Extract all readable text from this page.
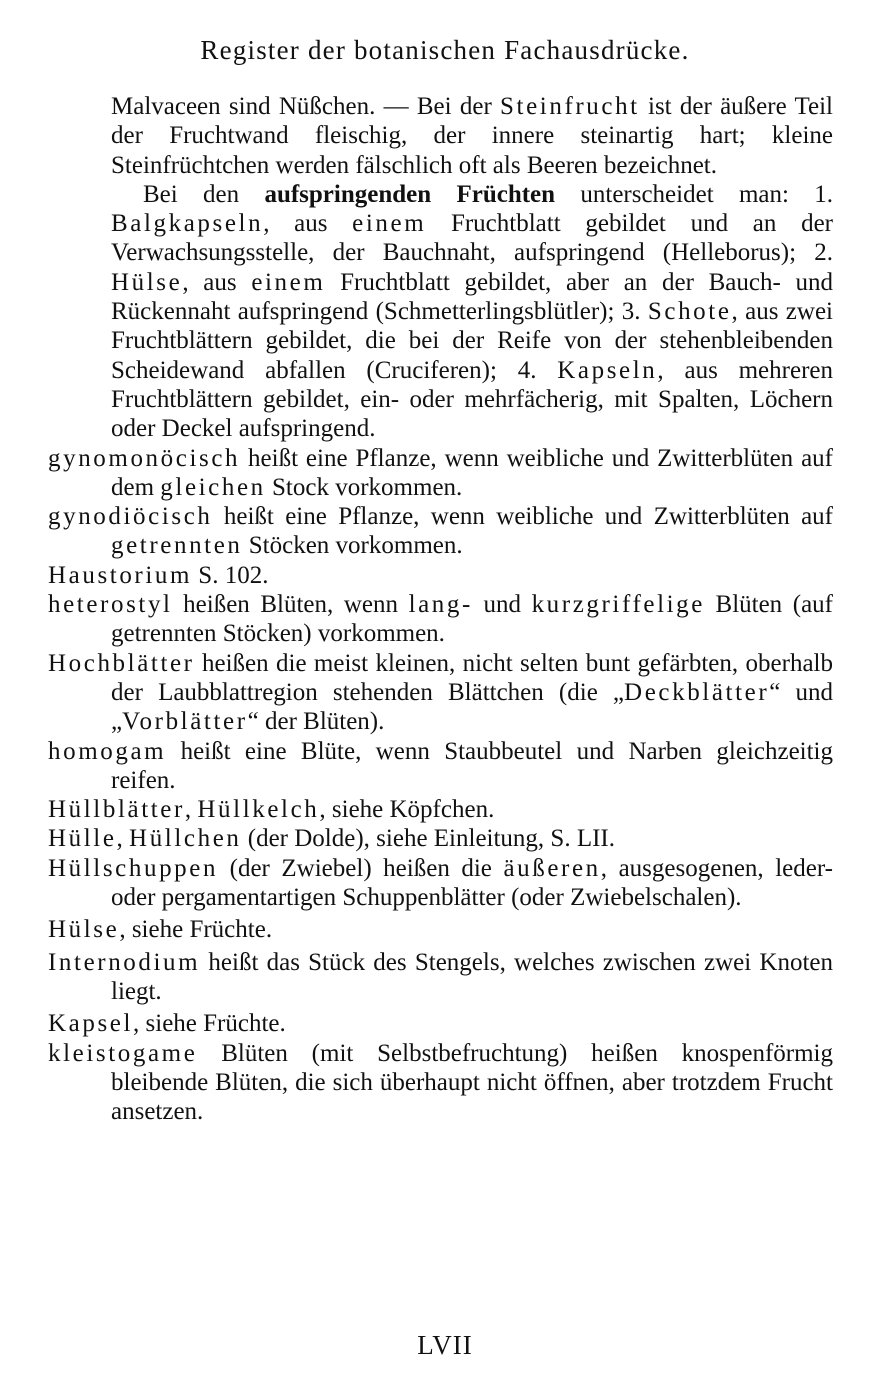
Register der botanischen Fachausdrücke.

Malvaceen sind Nüßchen. — Bei der Steinfrucht ist der äußere Teil der Fruchtwand fleischig, der innere steinartig hart; kleine Steinfrüchtchen werden fälschlich oft als Beeren bezeichnet.

Bei den aufspringenden Früchten unterscheidet man: 1. Balgkapseln, aus einem Fruchtblatt gebildet und an der Verwachsungsstelle, der Bauchnaht, aufspringend (Helleborus); 2. Hülse, aus einem Fruchtblatt gebildet, aber an der Bauch- und Rückennaht aufspringend (Schmetterlingsblütler); 3. Schote, aus zwei Fruchtblättern gebildet, die bei der Reife von der stehenbleibenden Scheidewand abfallen (Cruciferen); 4. Kapseln, aus mehreren Fruchtblättern gebildet, ein- oder mehrfächerig, mit Spalten, Löchern oder Deckel aufspringend.

gynomonöcisch heißt eine Pflanze, wenn weibliche und Zwitterblüten auf dem gleichen Stock vorkommen.

gynodiöcisch heißt eine Pflanze, wenn weibliche und Zwitterblüten auf getrennten Stöcken vorkommen.

Haustorium S. 102.

heterostyl heißen Blüten, wenn lang- und kurzgriffelige Blüten (auf getrennten Stöcken) vorkommen.

Hochblätter heißen die meist kleinen, nicht selten bunt gefärbten, oberhalb der Laubblattregion stehenden Blättchen (die „Deckblätter“ und „Vorblätter“ der Blüten).

homogam heißt eine Blüte, wenn Staubbeutel und Narben gleichzeitig reifen.

Hüllblätter, Hüllkelch, siehe Köpfchen.

Hülle, Hüllchen (der Dolde), siehe Einleitung, S. LII.

Hüllschuppen (der Zwiebel) heißen die äußeren, ausgesogenen, leder- oder pergamentartigen Schuppenblätter (oder Zwiebelschalen).

Hülse, siehe Früchte.

Internodium heißt das Stück des Stengels, welches zwischen zwei Knoten liegt.

Kapsel, siehe Früchte.

kleistogame Blüten (mit Selbstbefruchtung) heißen knospenförmig bleibende Blüten, die sich überhaupt nicht öffnen, aber trotzdem Frucht ansetzen.

LVII
